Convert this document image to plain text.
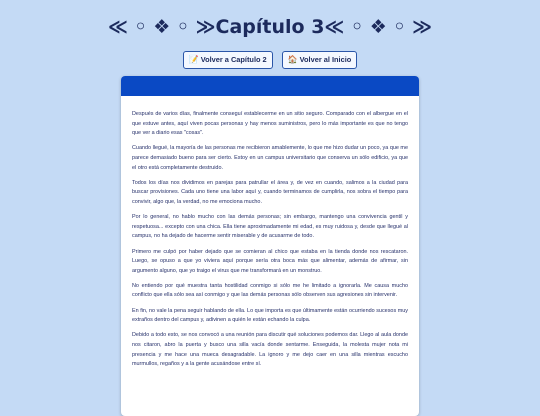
≪ ◦ ❖ ◦ ≫Capítulo 3≪ ◦ ❖ ◦ ≫
📝 Volver a Capítulo 2	🏠 Volver al Inicio

Después de varios días, finalmente conseguí establecerme en un sitio seguro. Comparado con el albergue en el que estuve antes, aquí viven pocas personas y hay menos suministros, pero lo más importante es que no tengo que ver a diario esas "cosas".

Cuando llegué, la mayoría de las personas me recibieron amablemente, lo que me hizo dudar un poco, ya que me parece demasiado bueno para ser cierto. Estoy en un campus universitario que conserva un sólo edificio, ya que el otro está completamente destruido.

Todos los días nos dividimos en parejas para patrullar el área y, de vez en cuando, salimos a la ciudad para buscar provisiones. Cada uno tiene una labor aquí y, cuando terminamos de cumplirla, nos sobra el tiempo para convivir, algo que, la verdad, no me emociona mucho.

Por lo general, no hablo mucho con las demás personas; sin embargo, mantengo una convivencia gentil y respetuosa... excepto con una chica. Ella tiene aproximadamente mi edad, es muy ruidosa y, desde que llegué al campus, no ha dejado de hacerme sentir miserable y de acusarme de todo.

Primero me culpó por haber dejado que se comieran al chico que estaba en la tienda donde nos rescataron. Luego, se opuso a que yo viviera aquí porque sería otra boca más que alimentar, además de afirmar, sin argumento alguno, que yo traigo el virus que me transformará en un monstruo.

No entiendo por qué muestra tanta hostilidad conmigo si sólo me he limitado a ignorarla. Me causa mucho conflicto que ella sólo sea así conmigo y que las demás personas sólo observen sus agresiones sin intervenir.

En fin, no vale la pena seguir hablando de ella. Lo que importa es que últimamente están ocurriendo sucesos muy extraños dentro del campus y, adivinen a quién le están echando la culpa.

Debido a todo esto, se nos convocó a una reunión para discutir qué soluciones podemos dar. Llego al aula donde nos citaron, abro la puerta y busco una silla vacía donde sentarme. Enseguida, la molesta mujer nota mi presencia y me hace una mueca desagradable. La ignoro y me dejo caer en una silla mientras escucho murmullos, regaños y a la gente acusándose entre sí.
